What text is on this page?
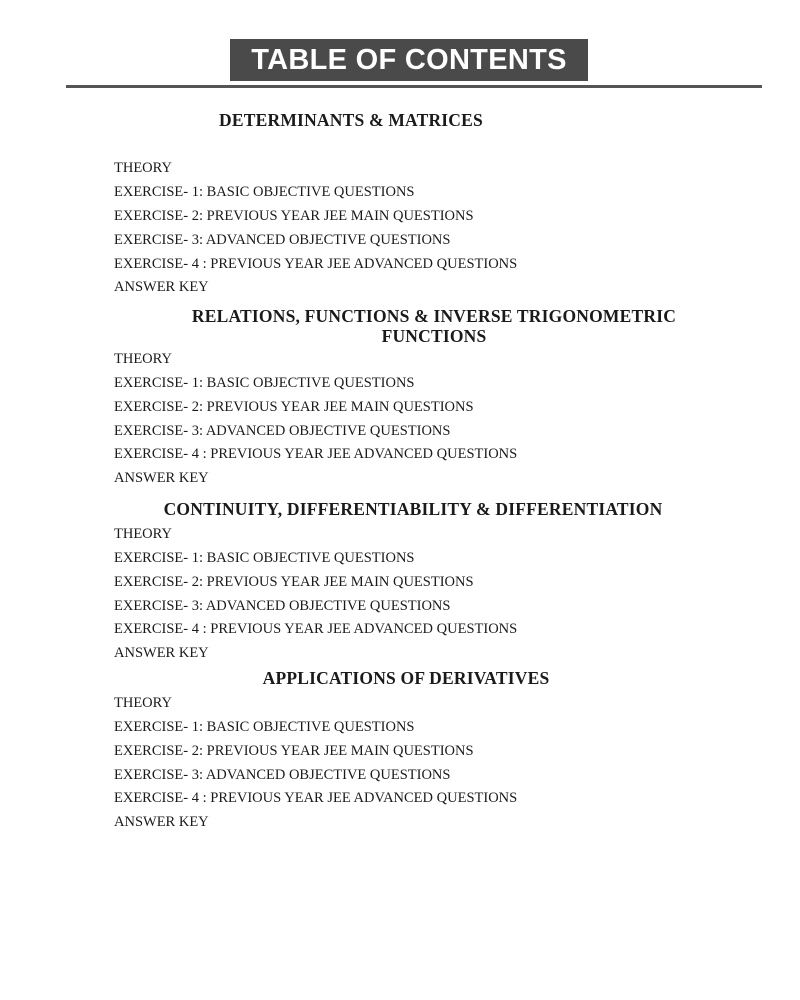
TABLE OF CONTENTS
DETERMINANTS & MATRICES
THEORY
EXERCISE- 1: BASIC OBJECTIVE QUESTIONS
EXERCISE- 2: PREVIOUS YEAR JEE MAIN QUESTIONS
EXERCISE- 3: ADVANCED OBJECTIVE QUESTIONS
EXERCISE- 4 : PREVIOUS YEAR JEE ADVANCED QUESTIONS
ANSWER KEY
RELATIONS, FUNCTIONS & INVERSE TRIGONOMETRIC
FUNCTIONS
THEORY
EXERCISE- 1: BASIC OBJECTIVE QUESTIONS
EXERCISE- 2: PREVIOUS YEAR JEE MAIN QUESTIONS
EXERCISE- 3: ADVANCED OBJECTIVE QUESTIONS
EXERCISE- 4 : PREVIOUS YEAR JEE ADVANCED QUESTIONS
ANSWER KEY
CONTINUITY, DIFFERENTIABILITY & DIFFERENTIATION
THEORY
EXERCISE- 1: BASIC OBJECTIVE QUESTIONS
EXERCISE- 2: PREVIOUS YEAR JEE MAIN QUESTIONS
EXERCISE- 3: ADVANCED OBJECTIVE QUESTIONS
EXERCISE- 4 : PREVIOUS YEAR JEE ADVANCED QUESTIONS
ANSWER KEY
APPLICATIONS OF DERIVATIVES
THEORY
EXERCISE- 1: BASIC OBJECTIVE QUESTIONS
EXERCISE- 2: PREVIOUS YEAR JEE MAIN QUESTIONS
EXERCISE- 3: ADVANCED OBJECTIVE QUESTIONS
EXERCISE- 4 : PREVIOUS YEAR JEE ADVANCED QUESTIONS
ANSWER KEY
